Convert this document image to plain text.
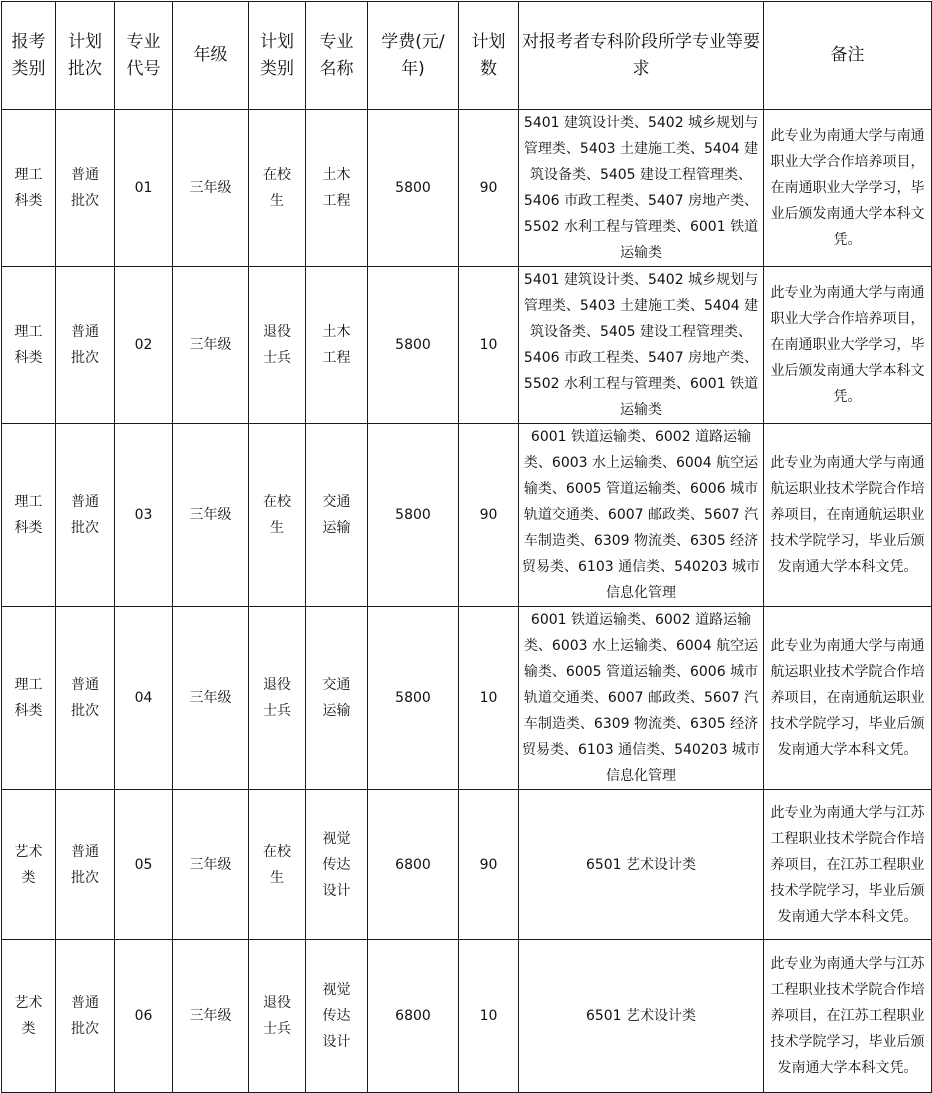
报考类别	计划批次	专业代号	年级	计划类别	专业名称	学费(元/年)	计划数	对报考者专科阶段所学专业等要求	备注
理工科类	普通批次	01	三年级	在校生	土木工程	5800	90	5401 建筑设计类、5402 城乡规划与管理类、5403 土建施工类、5404 建筑设备类、5405 建设工程管理类、5406 市政工程类、5407 房地产类、5502 水利工程与管理类、6001 铁道运输类	此专业为南通大学与南通职业大学合作培养项目，在南通职业大学学习，毕业后颁发南通大学本科文凭。
理工科类	普通批次	02	三年级	退役士兵	土木工程	5800	10	5401 建筑设计类、5402 城乡规划与管理类、5403 土建施工类、5404 建筑设备类、5405 建设工程管理类、5406 市政工程类、5407 房地产类、5502 水利工程与管理类、6001 铁道运输类	此专业为南通大学与南通职业大学合作培养项目，在南通职业大学学习，毕业后颁发南通大学本科文凭。
理工科类	普通批次	03	三年级	在校生	交通运输	5800	90	6001 铁道运输类、6002 道路运输类、6003 水上运输类、6004 航空运输类、6005 管道运输类、6006 城市轨道交通类、6007 邮政类、5607 汽车制造类、6309 物流类、6305 经济贸易类、6103 通信类、540203 城市信息化管理	此专业为南通大学与南通航运职业技术学院合作培养项目，在南通航运职业技术学院学习，毕业后颁发南通大学本科文凭。
理工科类	普通批次	04	三年级	退役士兵	交通运输	5800	10	6001 铁道运输类、6002 道路运输类、6003 水上运输类、6004 航空运输类、6005 管道运输类、6006 城市轨道交通类、6007 邮政类、5607 汽车制造类、6309 物流类、6305 经济贸易类、6103 通信类、540203 城市信息化管理	此专业为南通大学与南通航运职业技术学院合作培养项目，在南通航运职业技术学院学习，毕业后颁发南通大学本科文凭。
艺术类	普通批次	05	三年级	在校生	视觉传达设计	6800	90	6501 艺术设计类	此专业为南通大学与江苏工程职业技术学院合作培养项目，在江苏工程职业技术学院学习，毕业后颁发南通大学本科文凭。
艺术类	普通批次	06	三年级	退役士兵	视觉传达设计	6800	10	6501 艺术设计类	此专业为南通大学与江苏工程职业技术学院合作培养项目，在江苏工程职业技术学院学习，毕业后颁发南通大学本科文凭。
